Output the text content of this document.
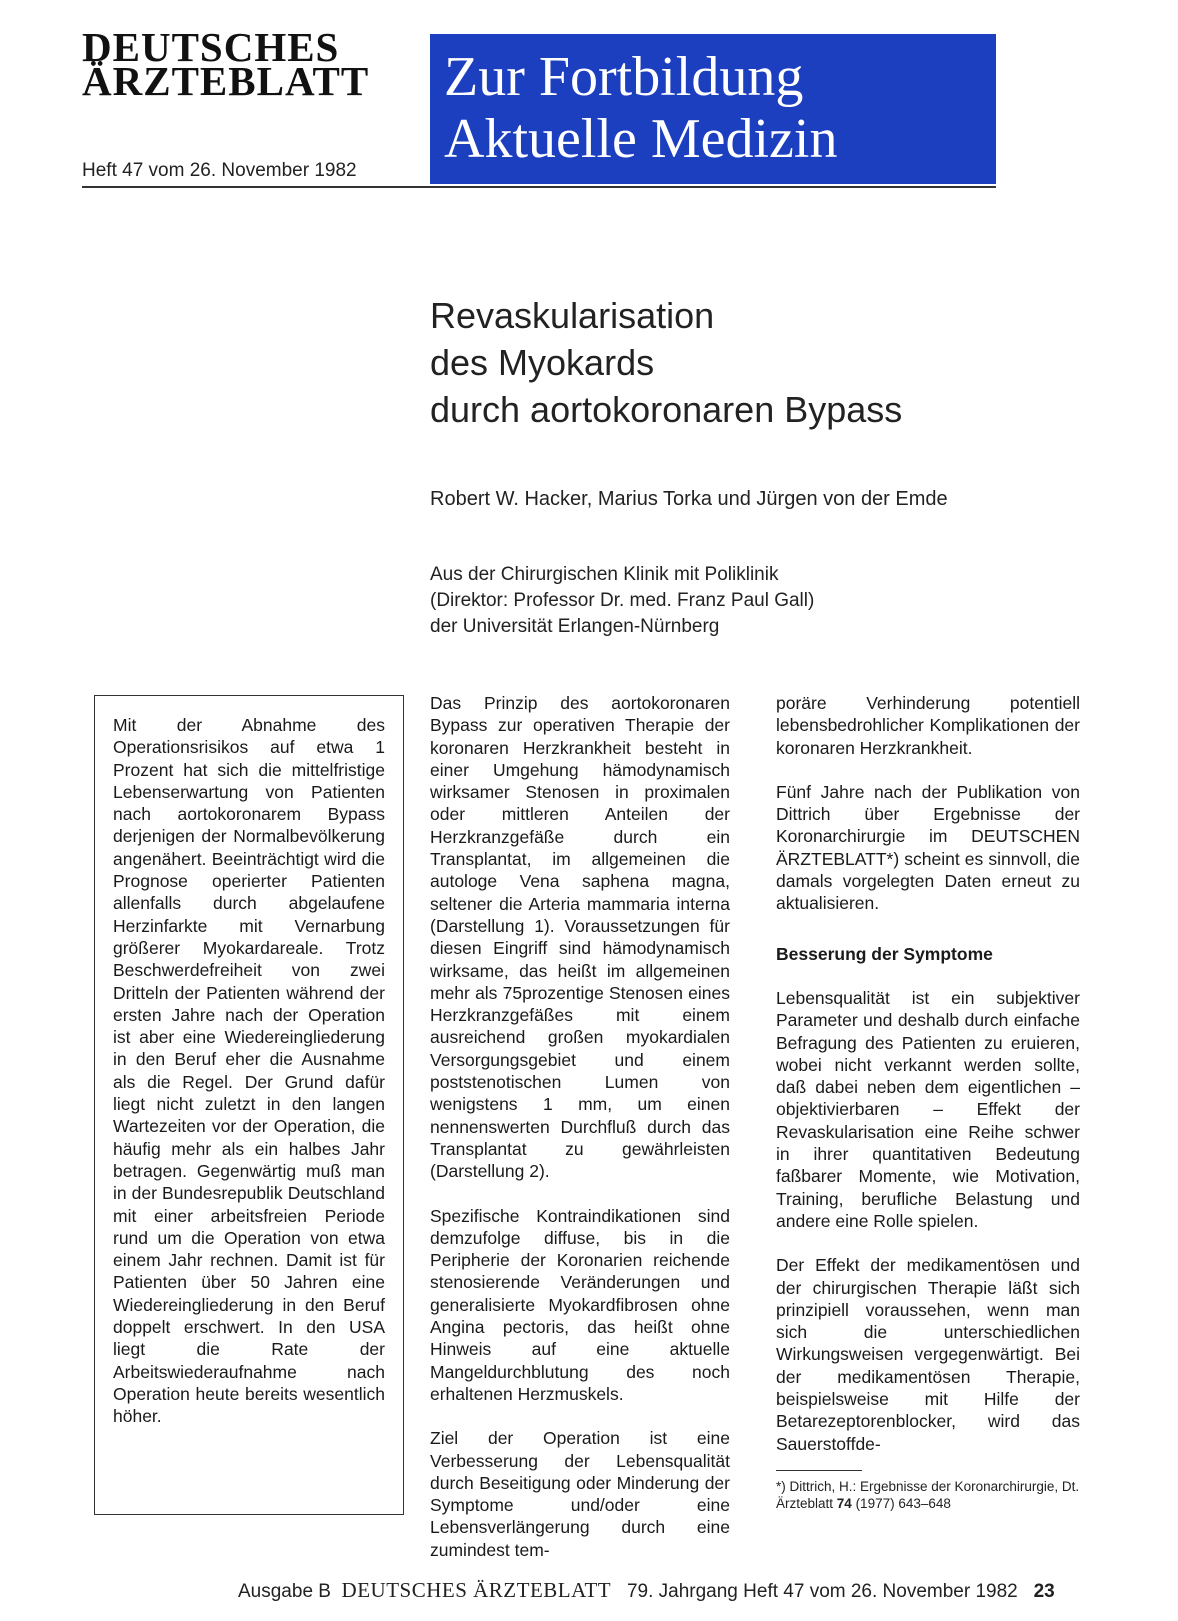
DEUTSCHES
ÄRZTEBLATT
Heft 47 vom 26. November 1982
Zur Fortbildung
Aktuelle Medizin
Revaskularisation
des Myokards
durch aortokoronaren Bypass
Robert W. Hacker, Marius Torka und Jürgen von der Emde
Aus der Chirurgischen Klinik mit Poliklinik
(Direktor: Professor Dr. med. Franz Paul Gall)
der Universität Erlangen-Nürnberg
Mit der Abnahme des Operationsrisikos auf etwa 1 Prozent hat sich die mittelfristige Lebenserwartung von Patienten nach aortokoronarem Bypass derjenigen der Normalbevölkerung angenähert. Beeinträchtigt wird die Prognose operierter Patienten allenfalls durch abgelaufene Herzinfarkte mit Vernarbung größerer Myokardareale. Trotz Beschwerdefreiheit von zwei Dritteln der Patienten während der ersten Jahre nach der Operation ist aber eine Wiedereingliederung in den Beruf eher die Ausnahme als die Regel. Der Grund dafür liegt nicht zuletzt in den langen Wartezeiten vor der Operation, die häufig mehr als ein halbes Jahr betragen. Gegenwärtig muß man in der Bundesrepublik Deutschland mit einer arbeitsfreien Periode rund um die Operation von etwa einem Jahr rechnen. Damit ist für Patienten über 50 Jahren eine Wiedereingliederung in den Beruf doppelt erschwert. In den USA liegt die Rate der Arbeitswiederaufnahme nach Operation heute bereits wesentlich höher.

Das Prinzip des aortokoronaren Bypass zur operativen Therapie der koronaren Herzkrankheit besteht in einer Umgehung hämodynamisch wirksamer Stenosen in proximalen oder mittleren Anteilen der Herzkranzgefäße durch ein Transplantat, im allgemeinen die autologe Vena saphena magna, seltener die Arteria mammaria interna (Darstellung 1). Voraussetzungen für diesen Eingriff sind hämodynamisch wirksame, das heißt im allgemeinen mehr als 75prozentige Stenosen eines Herzkranzgefäßes mit einem ausreichend großen myokardialen Versorgungsgebiet und einem poststenotischen Lumen von wenigstens 1 mm, um einen nennenswerten Durchfluß durch das Transplantat zu gewährleisten (Darstellung 2).

Spezifische Kontraindikationen sind demzufolge diffuse, bis in die Peripherie der Koronarien reichende stenosierende Veränderungen und generalisierte Myokardfibrosen ohne Angina pectoris, das heißt ohne Hinweis auf eine aktuelle Mangeldurchblutung des noch erhaltenen Herzmuskels.

Ziel der Operation ist eine Verbesserung der Lebensqualität durch Beseitigung oder Minderung der Symptome und/oder eine Lebensverlängerung durch eine zumindest tem-

poräre Verhinderung potentiell lebensbedrohlicher Komplikationen der koronaren Herzkrankheit.

Fünf Jahre nach der Publikation von Dittrich über Ergebnisse der Koronarchirurgie im DEUTSCHEN ÄRZTEBLATT*) scheint es sinnvoll, die damals vorgelegten Daten erneut zu aktualisieren.

Besserung der Symptome

Lebensqualität ist ein subjektiver Parameter und deshalb durch einfache Befragung des Patienten zu eruieren, wobei nicht verkannt werden sollte, daß dabei neben dem eigentlichen – objektivierbaren – Effekt der Revaskularisation eine Reihe schwer in ihrer quantitativen Bedeutung faßbarer Momente, wie Motivation, Training, berufliche Belastung und andere eine Rolle spielen.

Der Effekt der medikamentösen und der chirurgischen Therapie läßt sich prinzipiell voraussehen, wenn man sich die unterschiedlichen Wirkungsweisen vergegenwärtigt. Bei der medikamentösen Therapie, beispielsweise mit Hilfe der Betarezeptorenblocker, wird das Sauerstoffde-

*) Dittrich, H.: Ergebnisse der Koronarchirurgie, Dt. Ärzteblatt 74 (1977) 643–648
Ausgabe B DEUTSCHES ÄRZTEBLATT 79. Jahrgang Heft 47 vom 26. November 1982 23
